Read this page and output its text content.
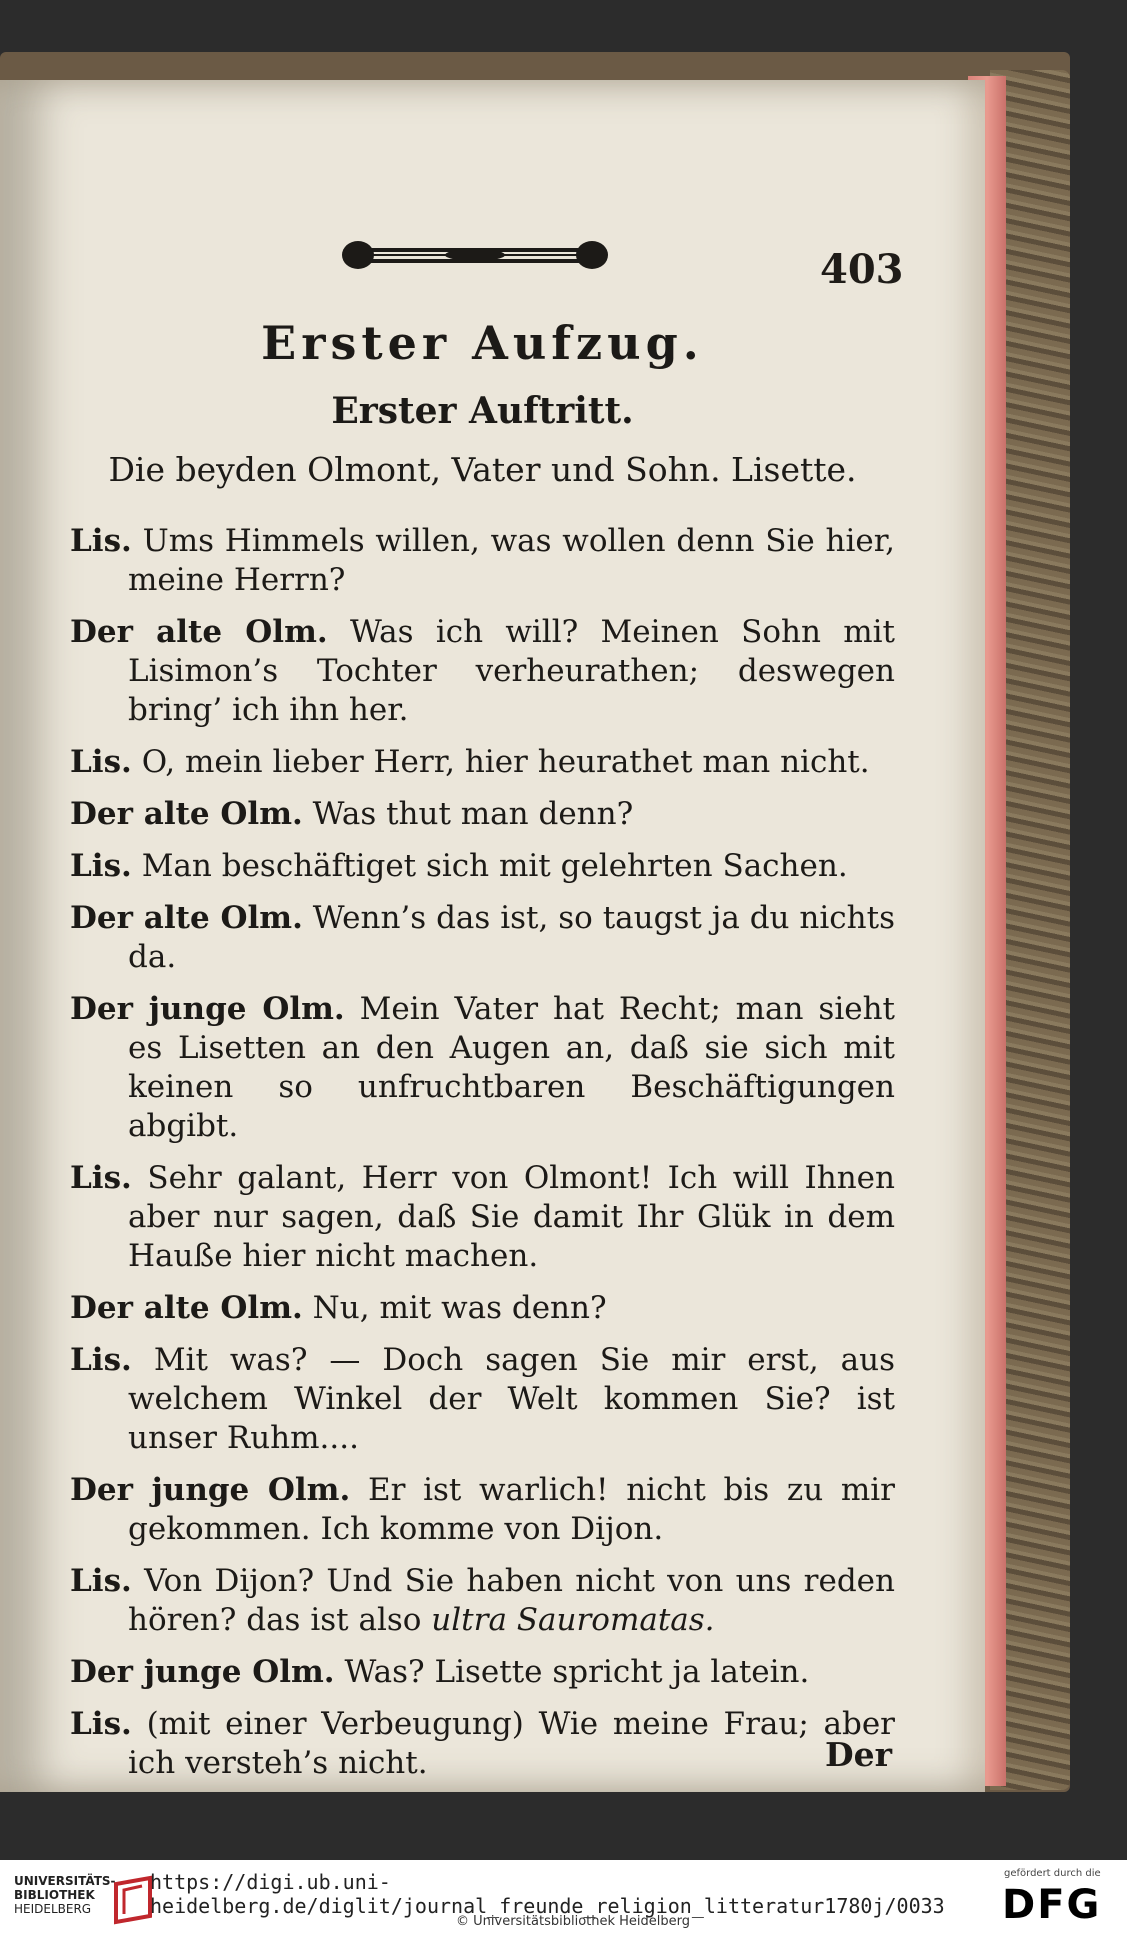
403
Erster Aufzug.
Erster Auftritt.
Die beyden Olmont, Vater und Sohn. Lisette.
Lis. Ums Himmels willen, was wollen denn Sie hier, meine Herrn?
Der alte Olm. Was ich will? Meinen Sohn mit Lisimon’s Tochter verheurathen; deswegen bring’ ich ihn her.
Lis. O, mein lieber Herr, hier heurathet man nicht.
Der alte Olm. Was thut man denn?
Lis. Man beschäftiget sich mit gelehrten Sachen.
Der alte Olm. Wenn’s das ist, so taugst ja du nichts da.
Der junge Olm. Mein Vater hat Recht; man sieht es Lisetten an den Augen an, daß sie sich mit keinen so unfruchtbaren Beschäftigungen abgibt.
Lis. Sehr galant, Herr von Olmont! Ich will Ihnen aber nur sagen, daß Sie damit Ihr Glük in dem Hauße hier nicht machen.
Der alte Olm. Nu, mit was denn?
Lis. Mit was? — Doch sagen Sie mir erst, aus welchem Winkel der Welt kommen Sie? ist unser Ruhm....
Der junge Olm. Er ist warlich! nicht bis zu mir gekommen. Ich komme von Dijon.
Lis. Von Dijon? Und Sie haben nicht von uns reden hören? das ist also ultra Sauromatas.
Der junge Olm. Was? Lisette spricht ja latein.
Lis. (mit einer Verbeugung) Wie meine Frau; aber ich versteh’s nicht.	Der
UNIVERSITÄTS-
BIBLIOTHEK
HEIDELBERG
https://digi.ub.uni-heidelberg.de/diglit/journal_freunde_religion_litteratur1780j/0033
© Universitätsbibliothek Heidelberg
gefördert durch die
DFG
